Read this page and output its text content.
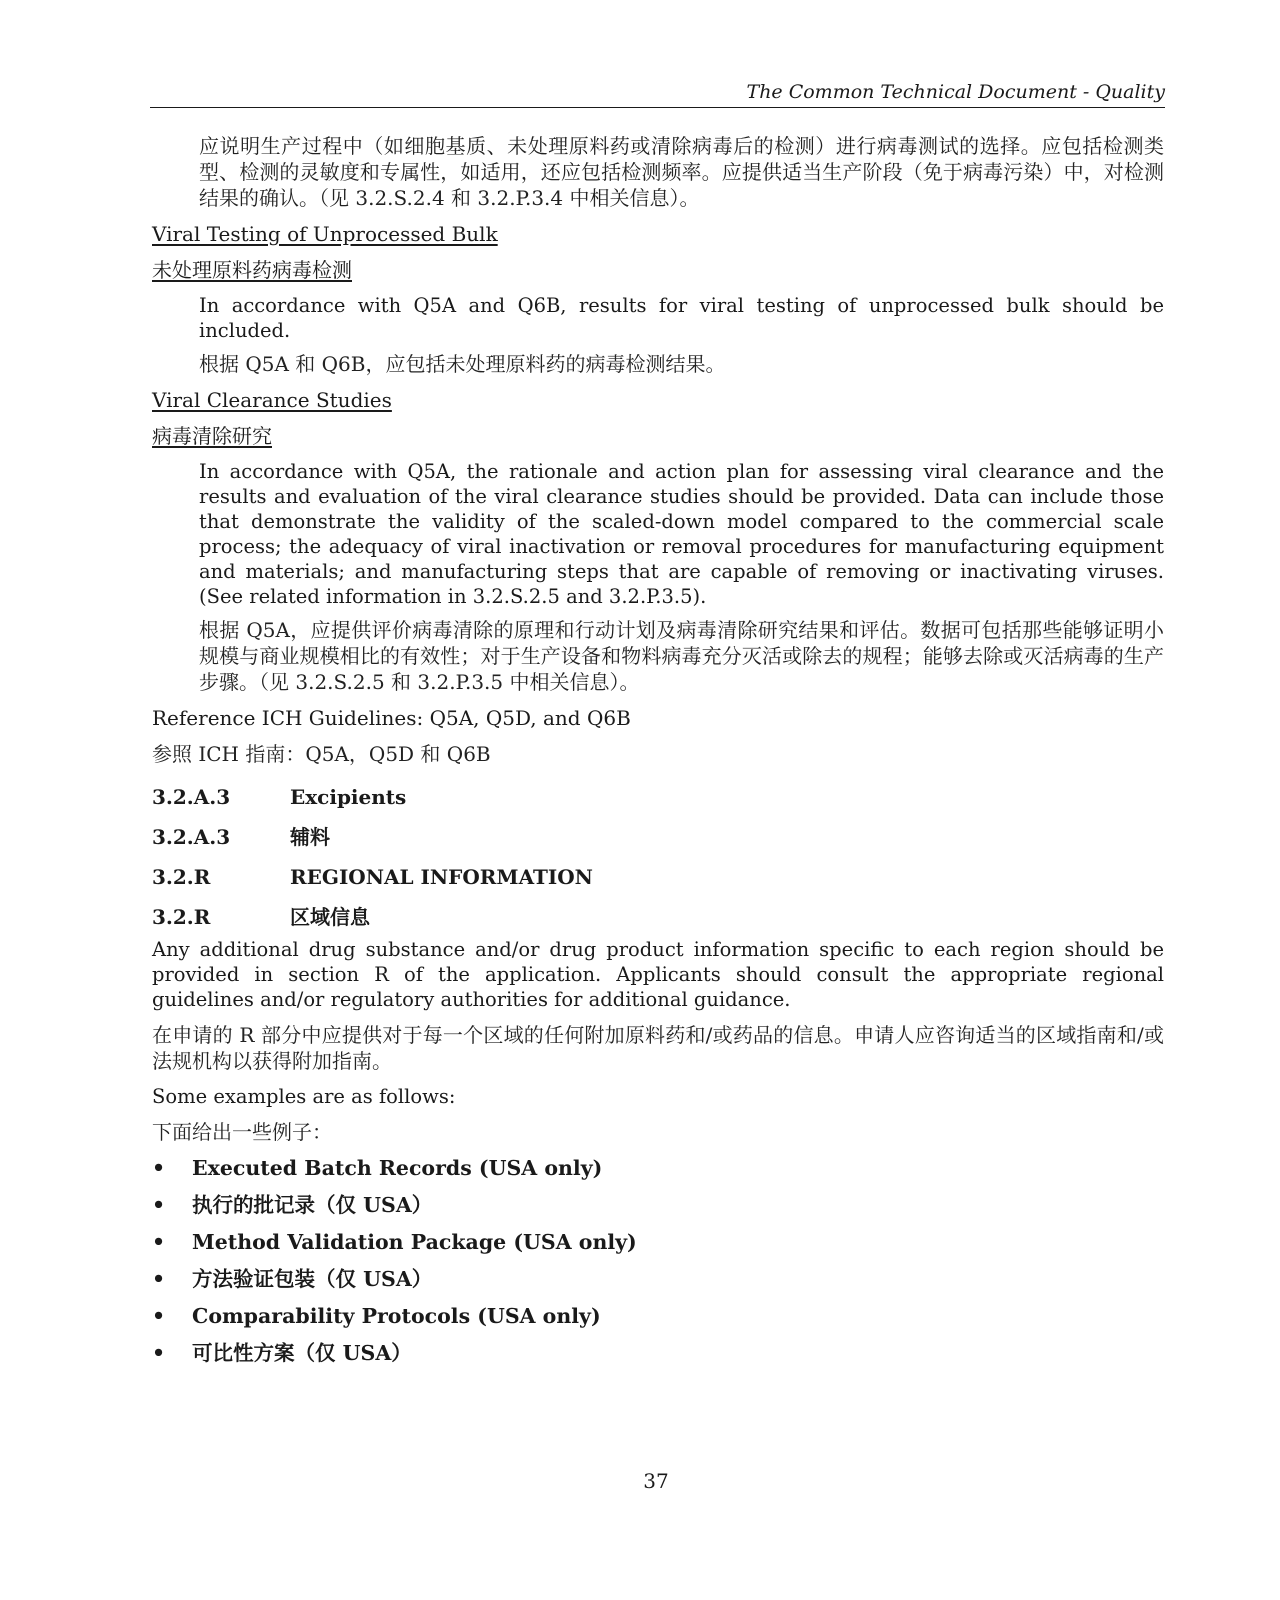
The Common Technical Document - Quality

应说明生产过程中（如细胞基质、未处理原料药或清除病毒后的检测）进行病毒测试的选择。应包括检测类型、检测的灵敏度和专属性，如适用，还应包括检测频率。应提供适当生产阶段（免于病毒污染）中，对检测结果的确认。（见 3.2.S.2.4 和 3.2.P.3.4 中相关信息）。

Viral Testing of Unprocessed Bulk

未处理原料药病毒检测

In accordance with Q5A and Q6B, results for viral testing of unprocessed bulk should be included.

根据 Q5A 和 Q6B，应包括未处理原料药的病毒检测结果。

Viral Clearance Studies

病毒清除研究

In accordance with Q5A, the rationale and action plan for assessing viral clearance and the results and evaluation of the viral clearance studies should be provided. Data can include those that demonstrate the validity of the scaled-down model compared to the commercial scale process; the adequacy of viral inactivation or removal procedures for manufacturing equipment and materials; and manufacturing steps that are capable of removing or inactivating viruses. (See related information in 3.2.S.2.5 and 3.2.P.3.5).

根据 Q5A，应提供评价病毒清除的原理和行动计划及病毒清除研究结果和评估。数据可包括那些能够证明小规模与商业规模相比的有效性；对于生产设备和物料病毒充分灭活或除去的规程；能够去除或灭活病毒的生产步骤。（见 3.2.S.2.5 和 3.2.P.3.5 中相关信息）。

Reference ICH Guidelines: Q5A, Q5D, and Q6B

参照 ICH 指南：Q5A，Q5D 和 Q6B

3.2.A.3	Excipients
3.2.A.3	辅料
3.2.R	REGIONAL INFORMATION
3.2.R	区域信息

Any additional drug substance and/or drug product information specific to each region should be provided in section R of the application. Applicants should consult the appropriate regional guidelines and/or regulatory authorities for additional guidance.

在申请的 R 部分中应提供对于每一个区域的任何附加原料药和/或药品的信息。申请人应咨询适当的区域指南和/或法规机构以获得附加指南。

Some examples are as follows:

下面给出一些例子：

•	Executed Batch Records (USA only)
•	执行的批记录（仅 USA）
•	Method Validation Package (USA only)
•	方法验证包装（仅 USA）
•	Comparability Protocols (USA only)
•	可比性方案（仅 USA）
37
